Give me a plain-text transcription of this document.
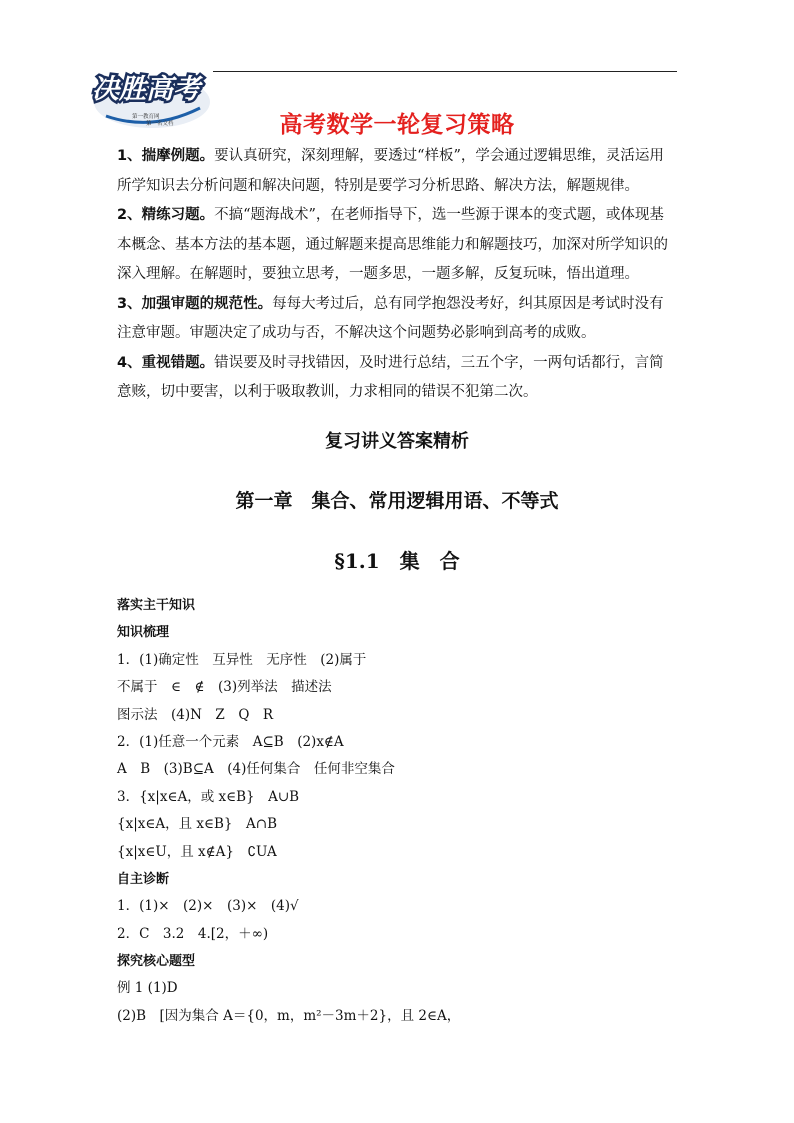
决胜高考
第一教育网
第一名文档	高考数学一轮复习策略

1、揣摩例题。要认真研究，深刻理解，要透过“样板”，学会通过逻辑思维，灵活运用所学知识去分析问题和解决问题，特别是要学习分析思路、解决方法，解题规律。

2、精练习题。不搞“题海战术”，在老师指导下，选一些源于课本的变式题，或体现基本概念、基本方法的基本题，通过解题来提高思维能力和解题技巧，加深对所学知识的深入理解。在解题时，要独立思考，一题多思，一题多解，反复玩味，悟出道理。

3、加强审题的规范性。每每大考过后，总有同学抱怨没考好，纠其原因是考试时没有注意审题。审题决定了成功与否，不解决这个问题势必影响到高考的成败。

4、重视错题。错误要及时寻找错因，及时进行总结，三五个字，一两句话都行，言简意赅，切中要害，以利于吸取教训，力求相同的错误不犯第二次。

复习讲义答案精析
第一章　集合、常用逻辑用语、不等式
§1.1　集　合
落实主干知识
知识梳理
1．(1)确定性　互异性　无序性　(2)属于
不属于　∈　∉　(3)列举法　描述法
图示法　(4)N　Z　Q　R
2．(1)任意一个元素　A⊆B　(2)x∉A
A　B　(3)B⊆A　(4)任何集合　任何非空集合
3．{x|x∈A，或 x∈B}　A∪B
{x|x∈A，且 x∈B}　A∩B
{x|x∈U，且 x∉A}　∁UA
自主诊断
1．(1)×　(2)×　(3)×　(4)√
2．C　3.2　4.[2，＋∞)
探究核心题型
例 1 (1)D
(2)B　[因为集合 A＝{0，m，m²－3m＋2}，且 2∈A，
